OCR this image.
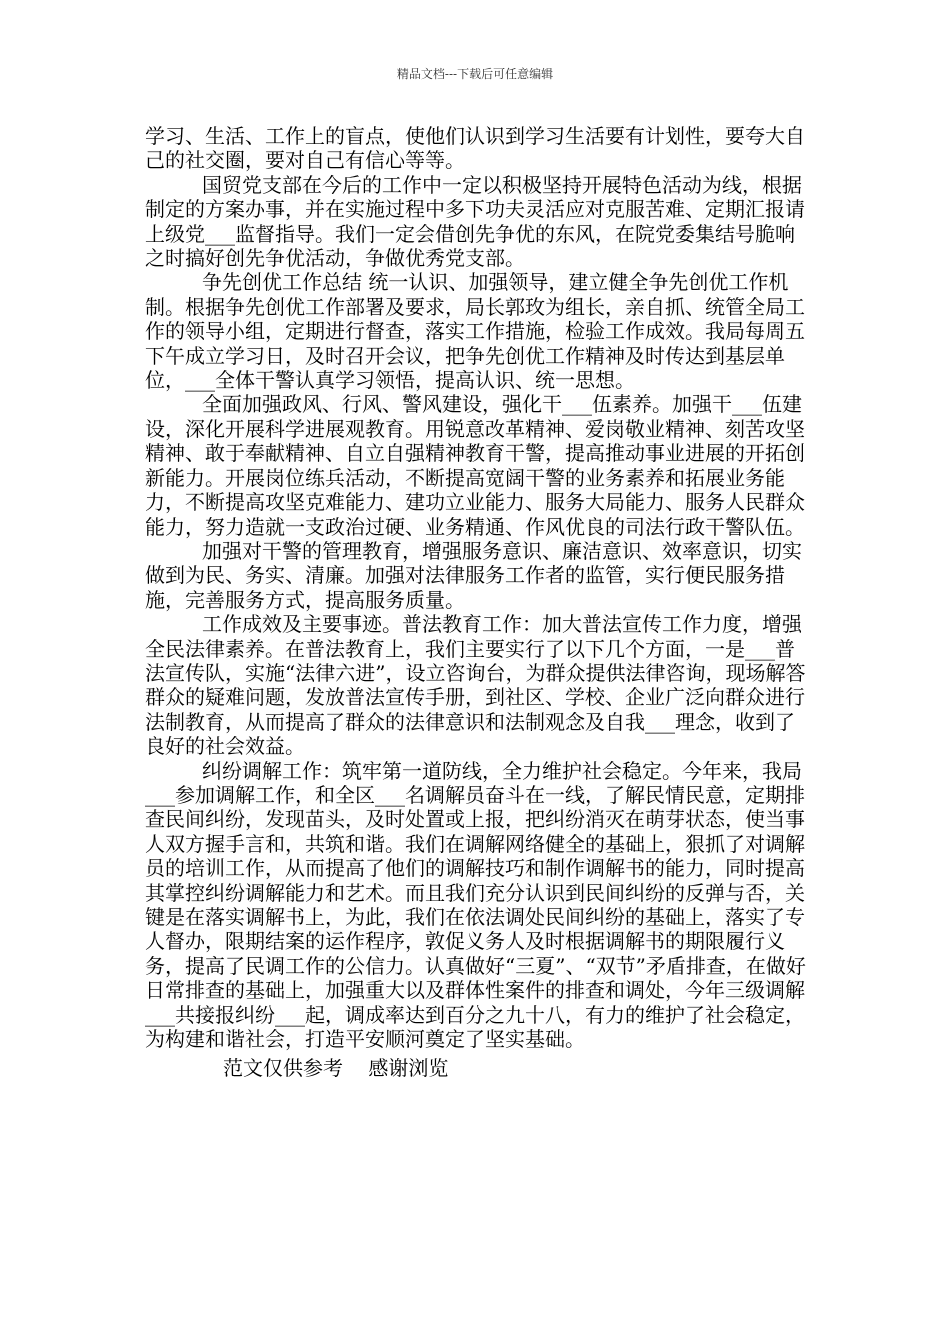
精品文档---下载后可任意编辑

学习、生活、工作上的盲点，使他们认识到学习生活要有计划性，要夸大自己的社交圈，要对自己有信心等等。

国贸党支部在今后的工作中一定以积极坚持开展特色活动为线，根据制定的方案办事，并在实施过程中多下功夫灵活应对克服苦难、定期汇报请上级党___监督指导。我们一定会借创先争优的东风，在院党委集结号脆响之时搞好创先争优活动，争做优秀党支部。

争先创优工作总结 统一认识、加强领导，建立健全争先创优工作机制。根据争先创优工作部署及要求，局长郭玫为组长，亲自抓、统管全局工作的领导小组，定期进行督查，落实工作措施，检验工作成效。我局每周五下午成立学习日，及时召开会议，把争先创优工作精神及时传达到基层单位，___全体干警认真学习领悟，提高认识、统一思想。

全面加强政风、行风、警风建设，强化干___伍素养。加强干___伍建设，深化开展科学进展观教育。用锐意改革精神、爱岗敬业精神、刻苦攻坚精神、敢于奉献精神、自立自强精神教育干警，提高推动事业进展的开拓创新能力。开展岗位练兵活动，不断提高宽阔干警的业务素养和拓展业务能力，不断提高攻坚克难能力、建功立业能力、服务大局能力、服务人民群众能力，努力造就一支政治过硬、业务精通、作风优良的司法行政干警队伍。

加强对干警的管理教育，增强服务意识、廉洁意识、效率意识，切实做到为民、务实、清廉。加强对法律服务工作者的监管，实行便民服务措施，完善服务方式，提高服务质量。

工作成效及主要事迹。普法教育工作：加大普法宣传工作力度，增强全民法律素养。在普法教育上，我们主要实行了以下几个方面，一是___普法宣传队，实施“法律六进”，设立咨询台，为群众提供法律咨询，现场解答群众的疑难问题，发放普法宣传手册，到社区、学校、企业广泛向群众进行法制教育，从而提高了群众的法律意识和法制观念及自我___理念，收到了良好的社会效益。

纠纷调解工作：筑牢第一道防线，全力维护社会稳定。今年来，我局___参加调解工作，和全区___名调解员奋斗在一线，了解民情民意，定期排查民间纠纷，发现苗头，及时处置或上报，把纠纷消灭在萌芽状态，使当事人双方握手言和，共筑和谐。我们在调解网络健全的基础上，狠抓了对调解员的培训工作，从而提高了他们的调解技巧和制作调解书的能力，同时提高其掌控纠纷调解能力和艺术。而且我们充分认识到民间纠纷的反弹与否，关键是在落实调解书上，为此，我们在依法调处民间纠纷的基础上，落实了专人督办，限期结案的运作程序，敦促义务人及时根据调解书的期限履行义务，提高了民调工作的公信力。认真做好“三夏”、“双节”矛盾排查，在做好日常排查的基础上，加强重大以及群体性案件的排查和调处，今年三级调解___共接报纠纷___起，调成率达到百分之九十八，有力的维护了社会稳定，为构建和谐社会，打造平安顺河奠定了坚实基础。

范文仅供参考    感谢浏览
